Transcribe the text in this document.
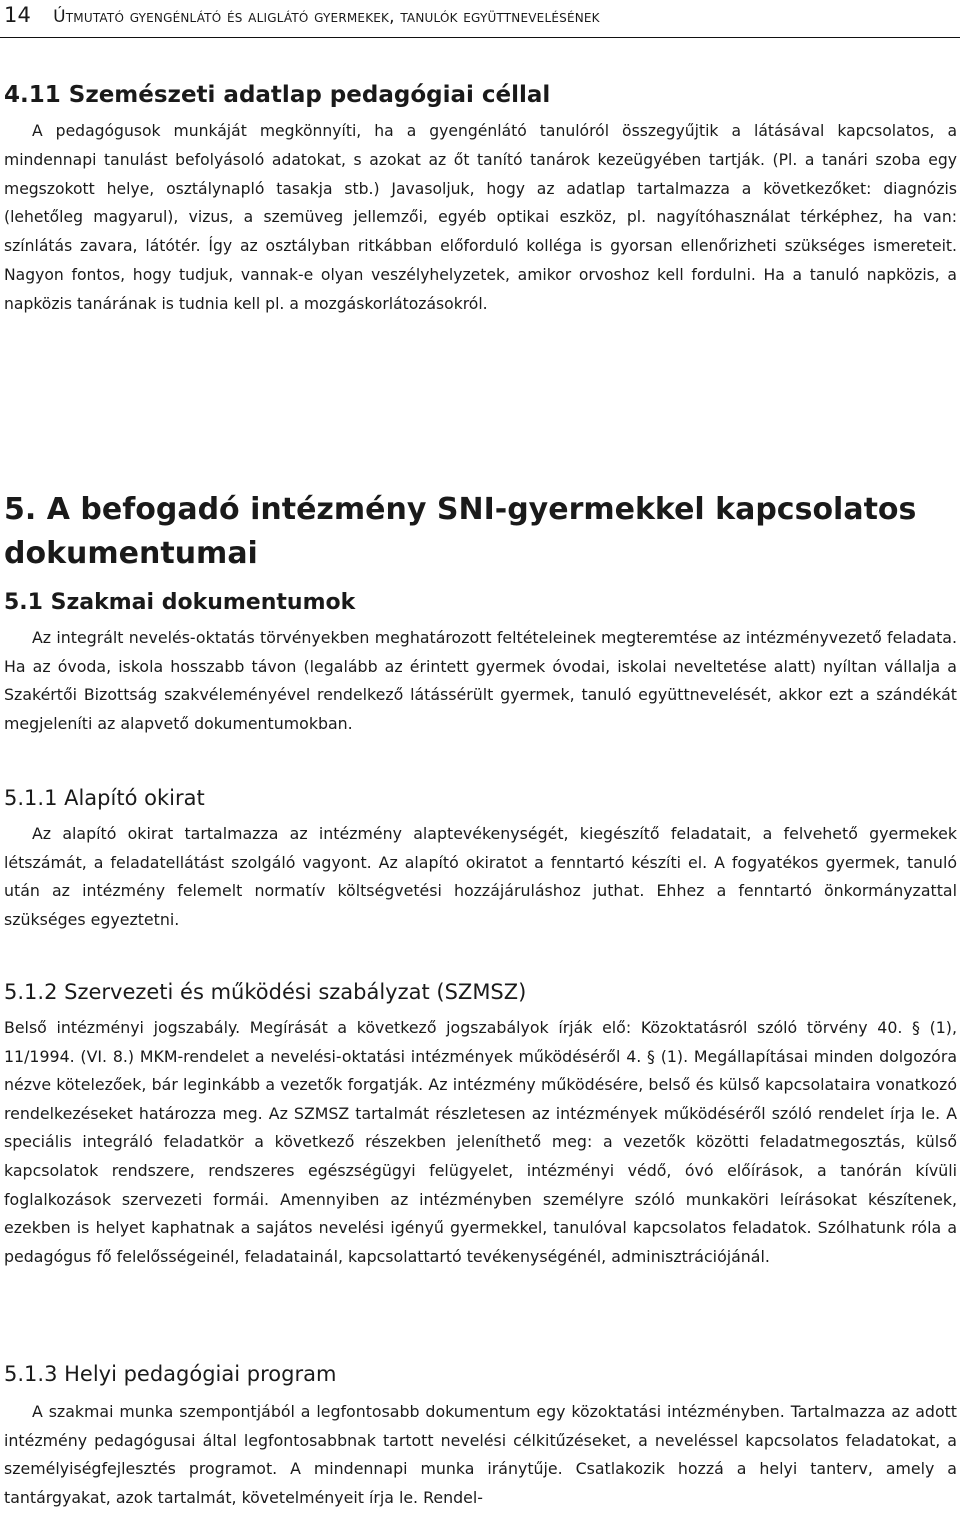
14 Útmutató gyengénlátó és aliglátó gyermekek, tanulók együttnevelésének
4.11 Szemészeti adatlap pedagógiai céllal

A pedagógusok munkáját megkönnyíti, ha a gyengénlátó tanulóról összegyűjtik a látásával kapcsolatos, a mindennapi tanulást befolyásoló adatokat, s azokat az őt tanító tanárok kezeügyében tartják. (Pl. a tanári szoba egy megszokott helye, osztálynapló tasakja stb.) Javasoljuk, hogy az adatlap tartalmazza a következőket: diagnózis (lehetőleg magyarul), vizus, a szemüveg jellemzői, egyéb optikai eszköz, pl. nagyítóhasználat térképhez, ha van: színlátás zavara, látótér. Így az osztályban ritkábban előforduló kolléga is gyorsan ellenőrizheti szükséges ismereteit. Nagyon fontos, hogy tudjuk, vannak-e olyan veszélyhelyzetek, amikor orvoshoz kell fordulni. Ha a tanuló napközis, a napközis tanárának is tudnia kell pl. a mozgáskorlátozásokról.

5. A befogadó intézmény SNI-gyermekkel kapcsolatos dokumentumai
5.1 Szakmai dokumentumok

Az integrált nevelés-oktatás törvényekben meghatározott feltételeinek megteremtése az intézményvezető feladata. Ha az óvoda, iskola hosszabb távon (legalább az érintett gyermek óvodai, iskolai neveltetése alatt) nyíltan vállalja a Szakértői Bizottság szakvéleményével rendelkező látássérült gyermek, tanuló együttnevelését, akkor ezt a szándékát megjeleníti az alapvető dokumentumokban.

5.1.1 Alapító okirat

Az alapító okirat tartalmazza az intézmény alaptevékenységét, kiegészítő feladatait, a felvehető gyermekek létszámát, a feladatellátást szolgáló vagyont. Az alapító okiratot a fenntartó készíti el. A fogyatékos gyermek, tanuló után az intézmény felemelt normatív költségvetési hozzájáruláshoz juthat. Ehhez a fenntartó önkormányzattal szükséges egyeztetni.

5.1.2 Szervezeti és működési szabályzat (SZMSZ)

Belső intézményi jogszabály. Megírását a következő jogszabályok írják elő: Közoktatásról szóló törvény 40. § (1), 11/1994. (VI. 8.) MKM-rendelet a nevelési-oktatási intézmények működéséről 4. § (1). Megállapításai minden dolgozóra nézve kötelezőek, bár leginkább a vezetők forgatják. Az intézmény működésére, belső és külső kapcsolataira vonatkozó rendelkezéseket határozza meg. Az SZMSZ tartalmát részletesen az intézmények működéséről szóló rendelet írja le. A speciális integráló feladatkör a következő részekben jeleníthető meg: a vezetők közötti feladatmegosztás, külső kapcsolatok rendszere, rendszeres egészségügyi felügyelet, intézményi védő, óvó előírások, a tanórán kívüli foglalkozások szervezeti formái. Amennyiben az intézményben személyre szóló munkaköri leírásokat készítenek, ezekben is helyet kaphatnak a sajátos nevelési igényű gyermekkel, tanulóval kapcsolatos feladatok. Szólhatunk róla a pedagógus fő felelősségeinél, feladatainál, kapcsolattartó tevékenységénél, adminisztrációjánál.

5.1.3 Helyi pedagógiai program

A szakmai munka szempontjából a legfontosabb dokumentum egy közoktatási intézményben. Tartalmazza az adott intézmény pedagógusai által legfontosabbnak tartott nevelési célkitűzéseket, a neveléssel kapcsolatos feladatokat, a személyiségfejlesztés programot. A mindennapi munka iránytűje. Csatlakozik hozzá a helyi tanterv, amely a tantárgyakat, azok tartalmát, követelményeit írja le. Rendel-
